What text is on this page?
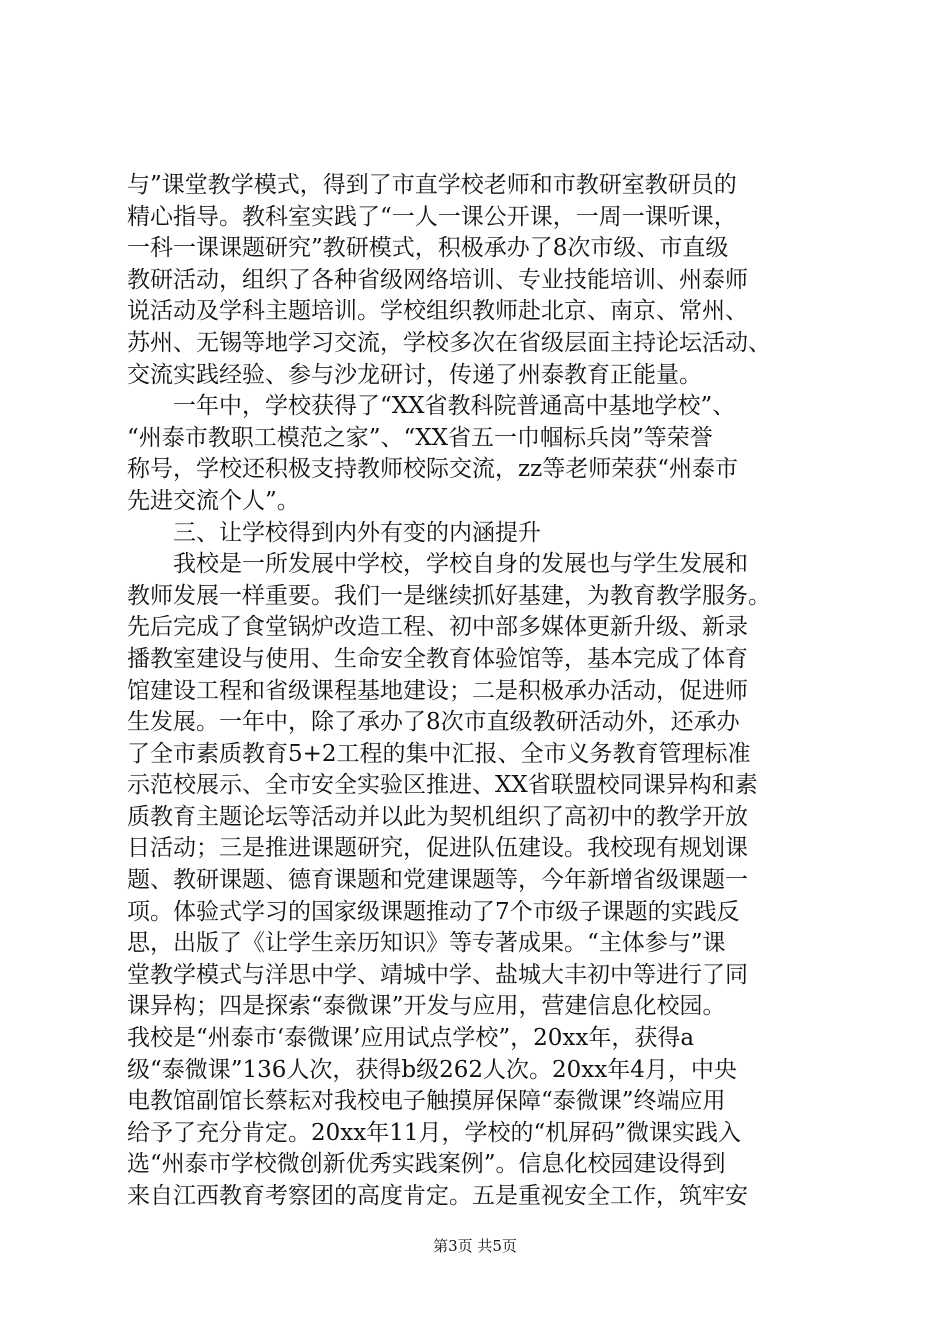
与”课堂教学模式，得到了市直学校老师和市教研室教研员的
精心指导。教科室实践了“一人一课公开课，一周一课听课，
一科一课课题研究”教研模式，积极承办了8次市级、市直级
教研活动，组织了各种省级网络培训、专业技能培训、州泰师
说活动及学科主题培训。学校组织教师赴北京、南京、常州、
苏州、无锡等地学习交流，学校多次在省级层面主持论坛活动、
交流实践经验、参与沙龙研讨，传递了州泰教育正能量。
　　一年中，学校获得了“XX省教科院普通高中基地学校”、
“州泰市教职工模范之家”、“XX省五一巾帼标兵岗”等荣誉
称号，学校还积极支持教师校际交流，zz等老师荣获“州泰市
先进交流个人”。
　　三、让学校得到内外有变的内涵提升
　　我校是一所发展中学校，学校自身的发展也与学生发展和
教师发展一样重要。我们一是继续抓好基建，为教育教学服务。
先后完成了食堂锅炉改造工程、初中部多媒体更新升级、新录
播教室建设与使用、生命安全教育体验馆等，基本完成了体育
馆建设工程和省级课程基地建设；二是积极承办活动，促进师
生发展。一年中，除了承办了8次市直级教研活动外，还承办
了全市素质教育5+2工程的集中汇报、全市义务教育管理标准
示范校展示、全市安全实验区推进、XX省联盟校同课异构和素
质教育主题论坛等活动并以此为契机组织了高初中的教学开放
日活动；三是推进课题研究，促进队伍建设。我校现有规划课
题、教研课题、德育课题和党建课题等，今年新增省级课题一
项。体验式学习的国家级课题推动了7个市级子课题的实践反
思，出版了《让学生亲历知识》等专著成果。“主体参与”课
堂教学模式与洋思中学、靖城中学、盐城大丰初中等进行了同
课异构；四是探索“泰微课”开发与应用，营建信息化校园。
我校是“州泰市‘泰微课’应用试点学校”，20xx年，获得a
级“泰微课”136人次，获得b级262人次。20xx年4月，中央
电教馆副馆长蔡耘对我校电子触摸屏保障“泰微课”终端应用
给予了充分肯定。20xx年11月，学校的“机屏码”微课实践入
选“州泰市学校微创新优秀实践案例”。信息化校园建设得到
来自江西教育考察团的高度肯定。五是重视安全工作，筑牢安
第3页 共5页
